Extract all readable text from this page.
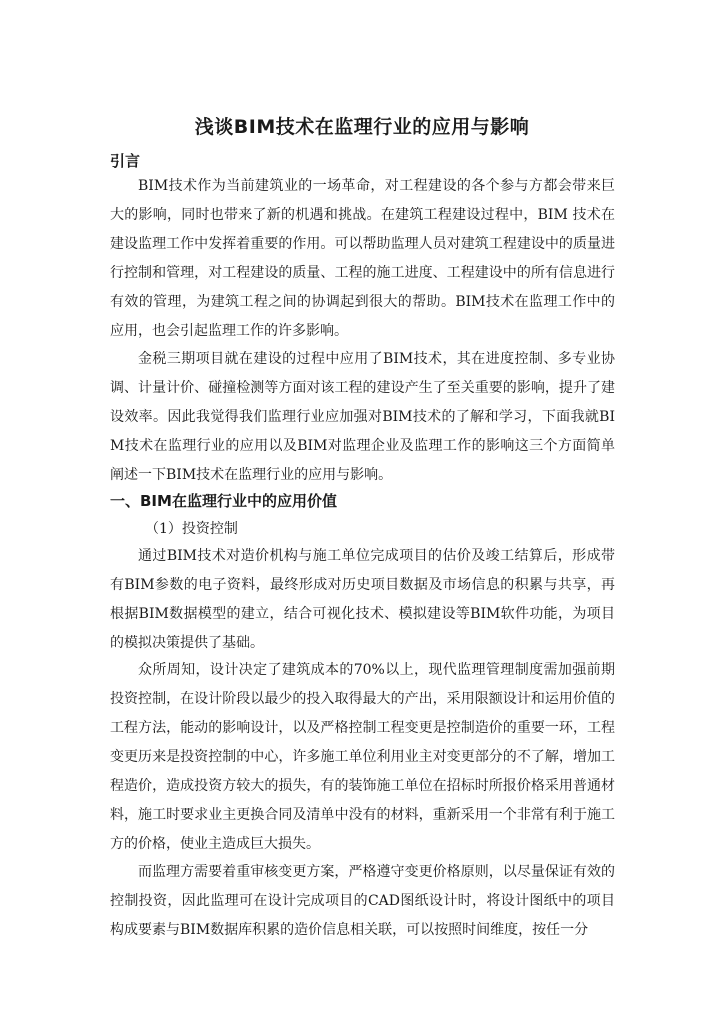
浅谈BIM技术在监理行业的应用与影响
引言

BIM技术作为当前建筑业的一场革命，对工程建设的各个参与方都会带来巨大的影响，同时也带来了新的机遇和挑战。在建筑工程建设过程中，BIM 技术在建设监理工作中发挥着重要的作用。可以帮助监理人员对建筑工程建设中的质量进行控制和管理，对工程建设的质量、工程的施工进度、工程建设中的所有信息进行有效的管理，为建筑工程之间的协调起到很大的帮助。BIM技术在监理工作中的应用，也会引起监理工作的许多影响。

金税三期项目就在建设的过程中应用了BIM技术，其在进度控制、多专业协调、计量计价、碰撞检测等方面对该工程的建设产生了至关重要的影响，提升了建设效率。因此我觉得我们监理行业应加强对BIM技术的了解和学习，下面我就BIM技术在监理行业的应用以及BIM对监理企业及监理工作的影响这三个方面简单阐述一下BIM技术在监理行业的应用与影响。

一、BIM在监理行业中的应用价值
（1）投资控制

通过BIM技术对造价机构与施工单位完成项目的估价及竣工结算后，形成带有BIM参数的电子资料，最终形成对历史项目数据及市场信息的积累与共享，再根据BIM数据模型的建立，结合可视化技术、模拟建设等BIM软件功能，为项目的模拟决策提供了基础。

众所周知，设计决定了建筑成本的70%以上，现代监理管理制度需加强前期投资控制，在设计阶段以最少的投入取得最大的产出，采用限额设计和运用价值的工程方法，能动的影响设计，以及严格控制工程变更是控制造价的重要一环，工程变更历来是投资控制的中心，许多施工单位利用业主对变更部分的不了解，增加工程造价，造成投资方较大的损失，有的装饰施工单位在招标时所报价格采用普通材料，施工时要求业主更换合同及清单中没有的材料，重新采用一个非常有利于施工方的价格，使业主造成巨大损失。

而监理方需要着重审核变更方案，严格遵守变更价格原则，以尽量保证有效的控制投资，因此监理可在设计完成项目的CAD图纸设计时，将设计图纸中的项目构成要素与BIM数据库积累的造价信息相关联，可以按照时间维度，按任一分
